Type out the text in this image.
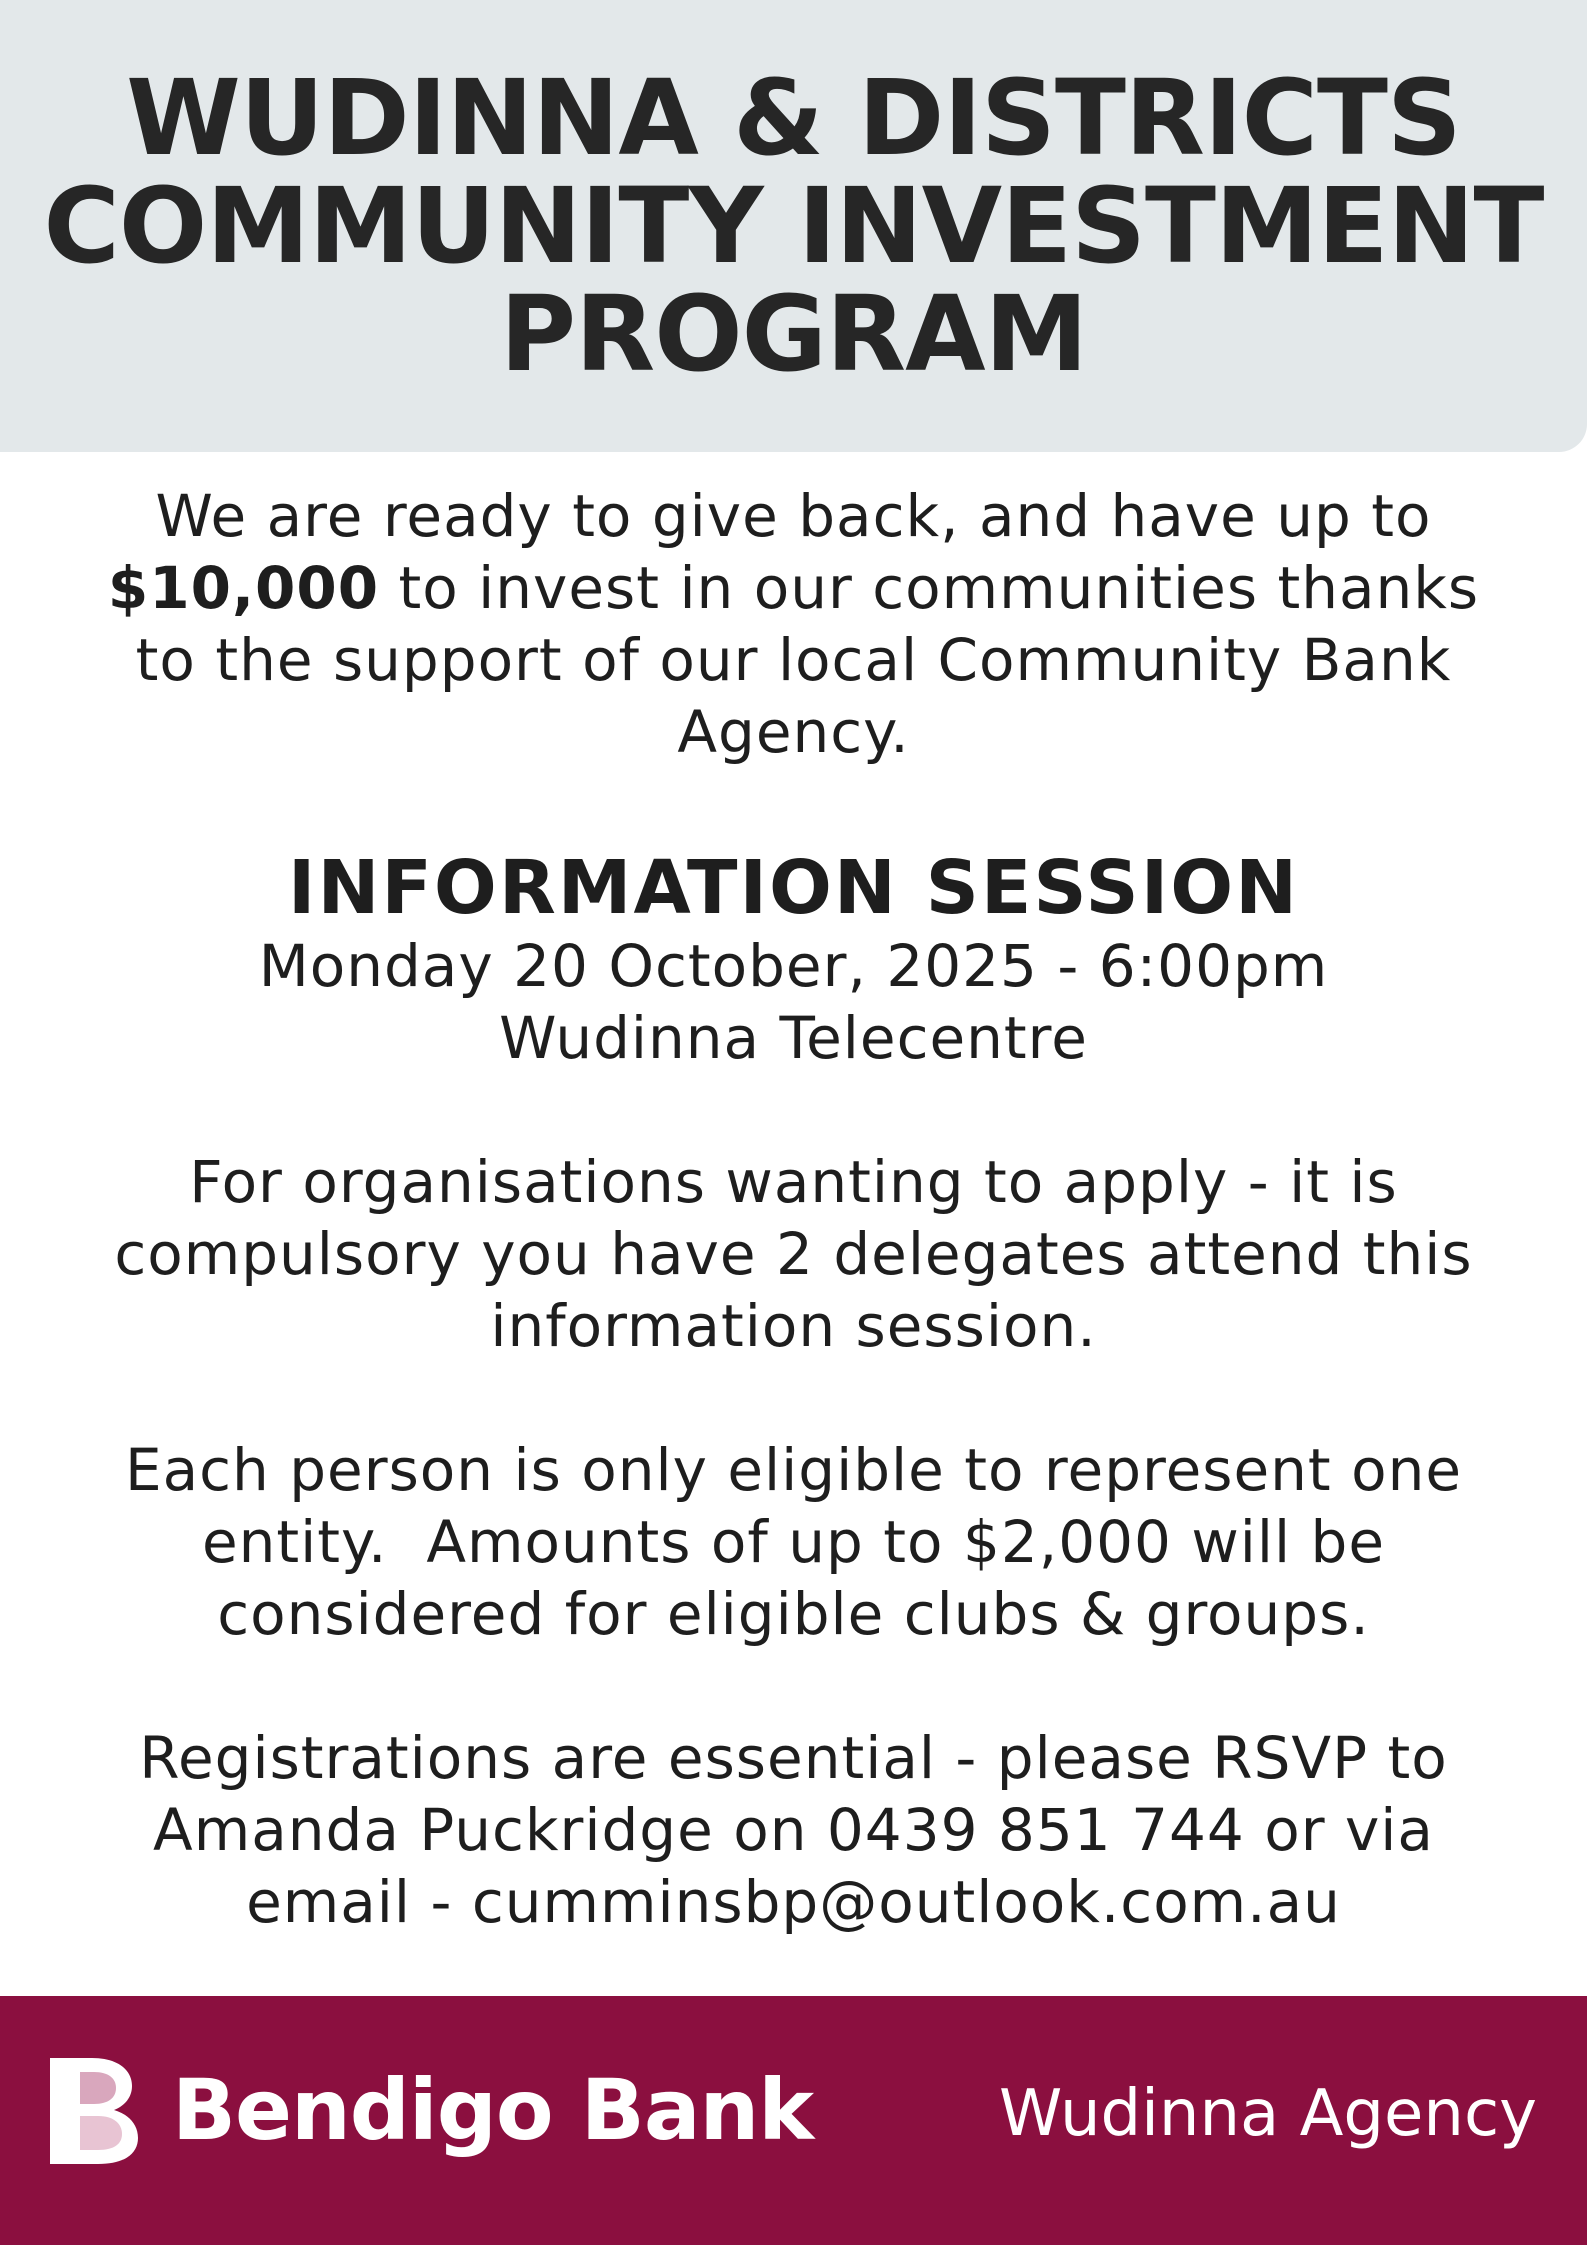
WUDINNA & DISTRICTS
COMMUNITY INVESTMENT
PROGRAM
We are ready to give back, and have up to
$10,000 to invest in our communities thanks
to the support of our local Community Bank
Agency.
INFORMATION SESSION
Monday 20 October, 2025 - 6:00pm
Wudinna Telecentre
For organisations wanting to apply - it is
compulsory you have 2 delegates attend this
information session.
Each person is only eligible to represent one
entity.  Amounts of up to $2,000 will be
considered for eligible clubs & groups.
Registrations are essential - please RSVP to
Amanda Puckridge on 0439 851 744 or via
email - cumminsbp@outlook.com.au
Bendigo Bank	Wudinna Agency
